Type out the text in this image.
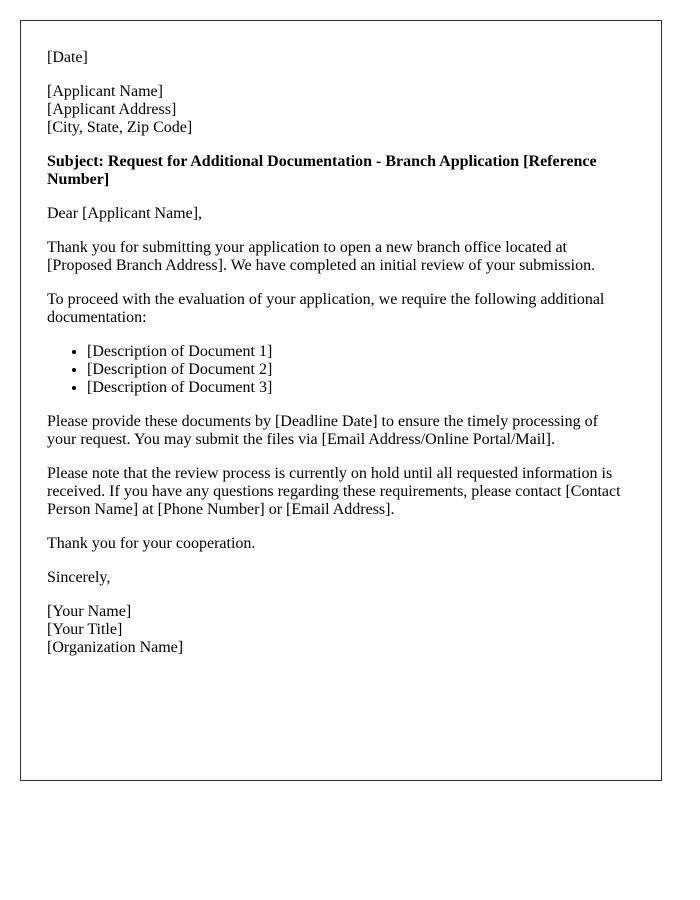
[Date]

[Applicant Name]
[Applicant Address]
[City, State, Zip Code]

Subject: Request for Additional Documentation - Branch Application [Reference Number]

Dear [Applicant Name],

Thank you for submitting your application to open a new branch office located at [Proposed Branch Address]. We have completed an initial review of your submission.

To proceed with the evaluation of your application, we require the following additional documentation:

• [Description of Document 1]
• [Description of Document 2]
• [Description of Document 3]

Please provide these documents by [Deadline Date] to ensure the timely processing of your request. You may submit the files via [Email Address/Online Portal/Mail].

Please note that the review process is currently on hold until all requested information is received. If you have any questions regarding these requirements, please contact [Contact Person Name] at [Phone Number] or [Email Address].

Thank you for your cooperation.

Sincerely,

[Your Name]
[Your Title]
[Organization Name]
